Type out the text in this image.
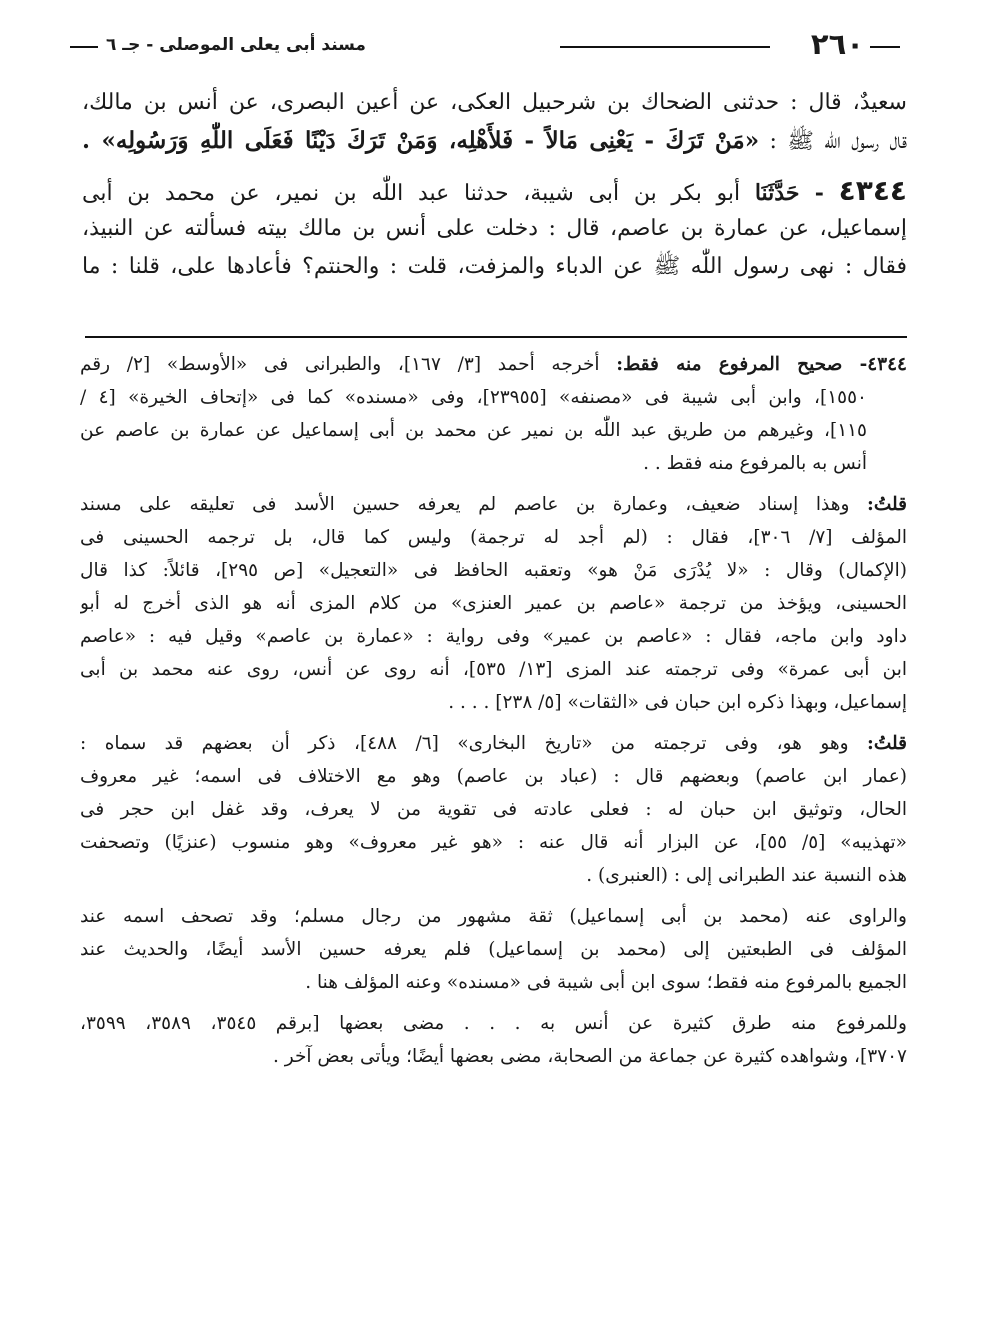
٢٦٠
مسند أبى يعلى الموصلى - جـ ٦
سعيدٌ، قال : حدثنى الضحاك بن شرحبيل العكى، عن أعين البصرى، عن أنس بن مالك،
قال رسول اللّٰه ﷺ : «مَنْ تَرَكَ - يَعْنِى مَالاً - فَلأَهْلِه، وَمَنْ تَرَكَ دَيْنًا فَعَلَى اللّٰهِ وَرَسُولِه» .
٤٣٤٤ - حَدَّثَنَا أبو بكر بن أبى شيبة، حدثنا عبد اللّٰه بن نمير، عن محمد بن أبى
إسماعيل، عن عمارة بن عاصم، قال : دخلت على أنس بن مالك بيته فسألته عن النبيذ،
فقال : نهى رسول اللّٰه ﷺ عن الدباء والمزفت، قلت : والحنتم؟ فأعادها على، قلنا : ما
٤٣٤٤- صحيح المرفوع منه فقط: أخرجه أحمد [٣/ ١٦٧]، والطبرانى فى «الأوسط» [٢/ رقم
١٥٥٠]، وابن أبى شيبة فى «مصنفه» [٢٣٩٥٥]، وفى «مسنده» كما فى «إتحاف الخيرة» [٤ /
١١٥]، وغيرهم من طريق عبد اللّٰه بن نمير عن محمد بن أبى إسماعيل عن عمارة بن عاصم عن
أنس به بالمرفوع منه فقط . .
قلتُ: وهذا إسناد ضعيف، وعمارة بن عاصم لم يعرفه حسين الأسد فى تعليقه على مسند
المؤلف [٧/ ٣٠٦]، فقال : (لم أجد له ترجمة) وليس كما قال، بل ترجمه الحسينى فى
(الإكمال) وقال : «لا يُدْرَى مَنْ هو» وتعقبه الحافظ فى «التعجيل» [ص ٢٩٥]، قائلاً: كذا قال
الحسينى، ويؤخذ من ترجمة «عاصم بن عمير العنزى» من كلام المزى أنه هو الذى أخرج له أبو
داود وابن ماجه، فقال : «عاصم بن عمير» وفى رواية : «عمارة بن عاصم» وقيل فيه : «عاصم
ابن أبى عمرة» وفى ترجمته عند المزى [١٣/ ٥٣٥]، أنه روى عن أنس، روى عنه محمد بن أبى
إسماعيل، وبهذا ذكره ابن حبان فى «الثقات» [٥/ ٢٣٨] . . . .
قلتُ: وهو هو، وفى ترجمته من «تاريخ البخارى» [٦/ ٤٨٨]، ذكر أن بعضهم قد سماه :
(عمار ابن عاصم) وبعضهم قال : (عباد بن عاصم) وهو مع الاختلاف فى اسمه؛ غير معروف
الحال، وتوثيق ابن حبان له : فعلى عادته فى تقوية من لا يعرف، وقد غفل ابن حجر فى
«تهذيبه» [٥/ ٥٥]، عن البزار أنه قال عنه : «هو غير معروف» وهو منسوب (عنزيًا) وتصحفت
هذه النسبة عند الطبرانى إلى : (العنبرى) .
والراوى عنه (محمد بن أبى إسماعيل) ثقة مشهور من رجال مسلم؛ وقد تصحف اسمه عند
المؤلف فى الطبعتين إلى (محمد بن إسماعيل) فلم يعرفه حسين الأسد أيضًا، والحديث عند
الجميع بالمرفوع منه فقط؛ سوى ابن أبى شيبة فى «مسنده» وعنه المؤلف هنا .
وللمرفوع منه طرق كثيرة عن أنس به . . . مضى بعضها [برقم ٣٥٤٥، ٣٥٨٩، ٣٥٩٩،
٣٧٠٧]، وشواهده كثيرة عن جماعة من الصحابة، مضى بعضها أيضًا؛ ويأتى بعض آخر .
